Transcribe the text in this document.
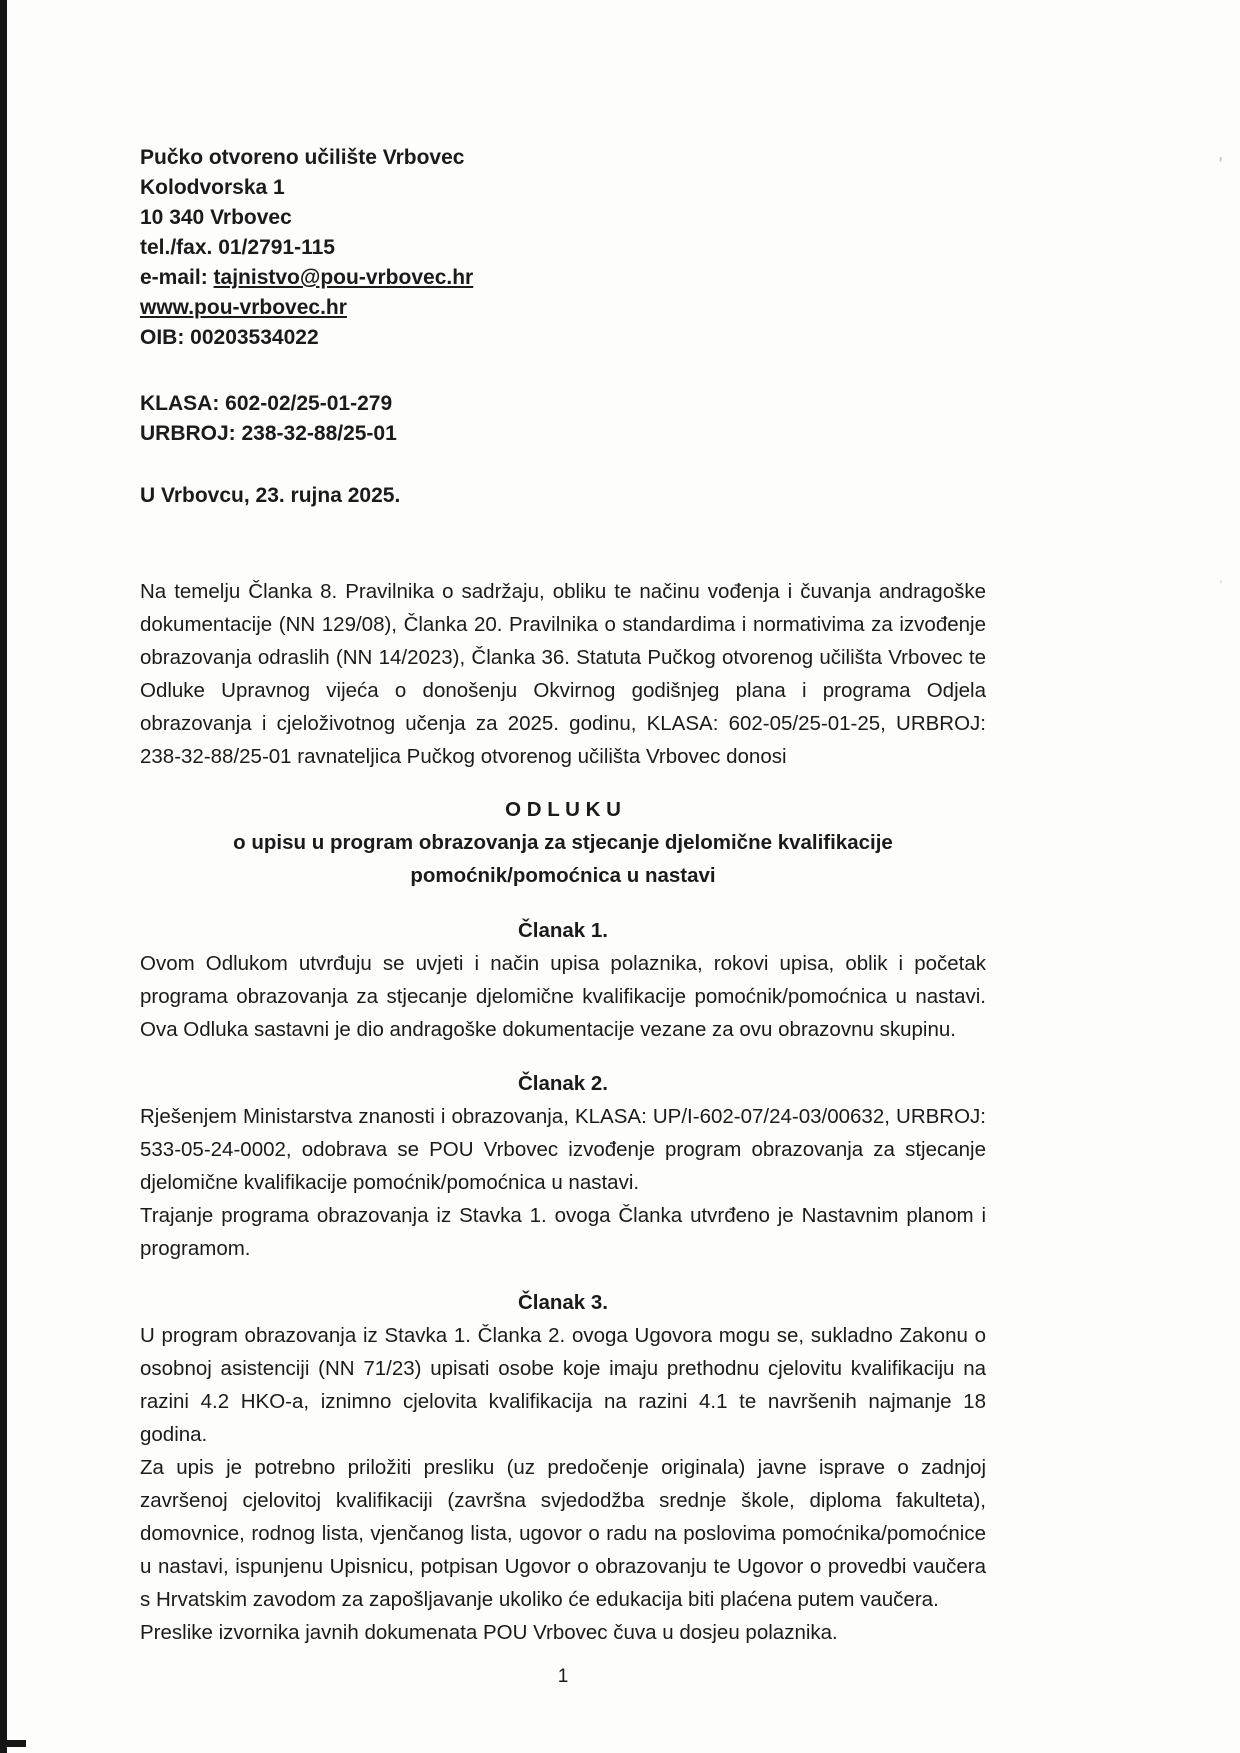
'
'
Pučko otvoreno učilište Vrbovec
Kolodvorska 1
10 340 Vrbovec
tel./fax. 01/2791-115
e-mail: tajnistvo@pou-vrbovec.hr
www.pou-vrbovec.hr
OIB: 00203534022
KLASA: 602-02/25-01-279
URBROJ: 238-32-88/25-01
U Vrbovcu, 23. rujna 2025.

Na temelju Članka 8. Pravilnika o sadržaju, obliku te načinu vođenja i čuvanja andragoške dokumentacije (NN 129/08), Članka 20. Pravilnika o standardima i normativima za izvođenje obrazovanja odraslih (NN 14/2023), Članka 36. Statuta Pučkog otvorenog učilišta Vrbovec te Odluke Upravnog vijeća o donošenju Okvirnog godišnjeg plana i programa Odjela obrazovanja i cjeloživotnog učenja za 2025. godinu, KLASA: 602-05/25-01-25, URBROJ: 238-32-88/25-01 ravnateljica Pučkog otvorenog učilišta Vrbovec donosi

O D L U K U
o upisu u program obrazovanja za stjecanje djelomične kvalifikacije
pomoćnik/pomoćnica u nastavi
Članak 1.

Ovom Odlukom utvrđuju se uvjeti i način upisa polaznika, rokovi upisa, oblik i početak programa obrazovanja za stjecanje djelomične kvalifikacije pomoćnik/pomoćnica u nastavi. Ova Odluka sastavni je dio andragoške dokumentacije vezane za ovu obrazovnu skupinu.

Članak 2.

Rješenjem Ministarstva znanosti i obrazovanja, KLASA: UP/I-602-07/24-03/00632, URBROJ: 533-05-24-0002, odobrava se POU Vrbovec izvođenje program obrazovanja za stjecanje djelomične kvalifikacije pomoćnik/pomoćnica u nastavi.

Trajanje programa obrazovanja iz Stavka 1. ovoga Članka utvrđeno je Nastavnim planom i programom.

Članak 3.

U program obrazovanja iz Stavka 1. Članka 2. ovoga Ugovora mogu se, sukladno Zakonu o osobnoj asistenciji (NN 71/23) upisati osobe koje imaju prethodnu cjelovitu kvalifikaciju na razini 4.2 HKO-a, iznimno cjelovita kvalifikacija na razini 4.1 te navršenih najmanje 18 godina.

Za upis je potrebno priložiti presliku (uz predočenje originala) javne isprave o zadnjoj završenoj cjelovitoj kvalifikaciji (završna svjedodžba srednje škole, diploma fakulteta), domovnice, rodnog lista, vjenčanog lista, ugovor o radu na poslovima pomoćnika/pomoćnice u nastavi, ispunjenu Upisnicu, potpisan Ugovor o obrazovanju te Ugovor o provedbi vaučera s Hrvatskim zavodom za zapošljavanje ukoliko će edukacija biti plaćena putem vaučera.

Preslike izvornika javnih dokumenata POU Vrbovec čuva u dosjeu polaznika.

1
